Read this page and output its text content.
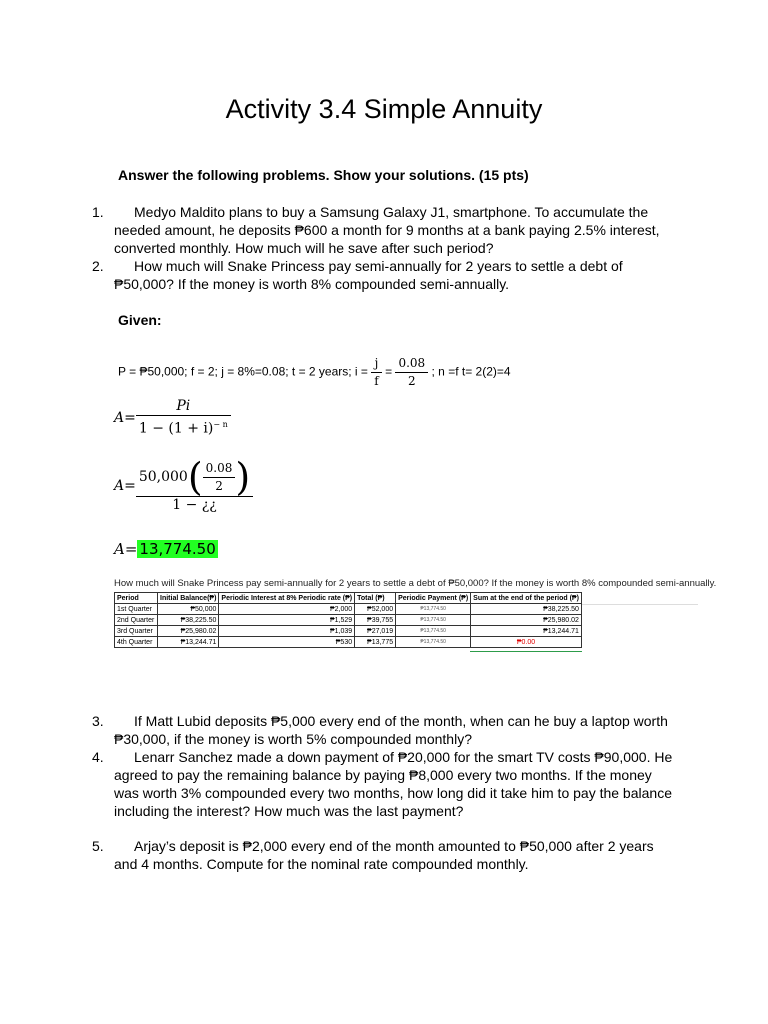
Activity 3.4 Simple Annuity
Answer the following problems. Show your solutions. (15 pts)
1.	Medyo Maldito plans to buy a Samsung Galaxy J1, smartphone. To accumulate the needed amount, he deposits ₱600 a month for 9 months at a bank paying 2.5% interest, converted monthly. How much will he save after such period?
2.	How much will Snake Princess pay semi-annually for 2 years to settle a debt of ₱50,000? If the money is worth 8% compounded semi-annually.
Given:
P = ₱50,000; f = 2; j = 8%=0.08; t = 2 years; $i = \frac{j}{f} = \frac{0.08}{2}$ ; n =f t= 2(2)=4
$A= \frac{Pi}{1 - (1 + i)^{- n}}$
$A= \frac{50,000( \frac{0.08}{2} )}{1 - ¿¿}$
A= 13,774.50
How much will Snake Princess pay semi-annually for 2 years to settle a debt of ₱50,000? If the money is worth 8% compounded semi-annually.
Period	Initial Balance(₱)	Periodic Interest at 8% Periodic rate (₱)	Total (₱)	Periodic Payment (₱)	Sum at the end of the period (₱)
1st Quarter	₱50,000	₱2,000	₱52,000	₱13,774.50	₱38,225.50
2nd Quarter	₱38,225.50	₱1,529	₱39,755	₱13,774.50	₱25,980.02
3rd Quarter	₱25,980.02	₱1,039	₱27,019	₱13,774.50	₱13,244.71
4th Quarter	₱13,244.71	₱530	₱13,775	₱13,774.50	₱0.00
3.	If Matt Lubid deposits ₱5,000 every end of the month, when can he buy a laptop worth ₱30,000, if the money is worth 5% compounded monthly?
4.	Lenarr Sanchez made a down payment of ₱20,000 for the smart TV costs ₱90,000. He agreed to pay the remaining balance by paying ₱8,000 every two months. If the money was worth 3% compounded every two months, how long did it take him to pay the balance including the interest? How much was the last payment?
5.	Arjay’s deposit is ₱2,000 every end of the month amounted to ₱50,000 after 2 years and 4 months. Compute for the nominal rate compounded monthly.
